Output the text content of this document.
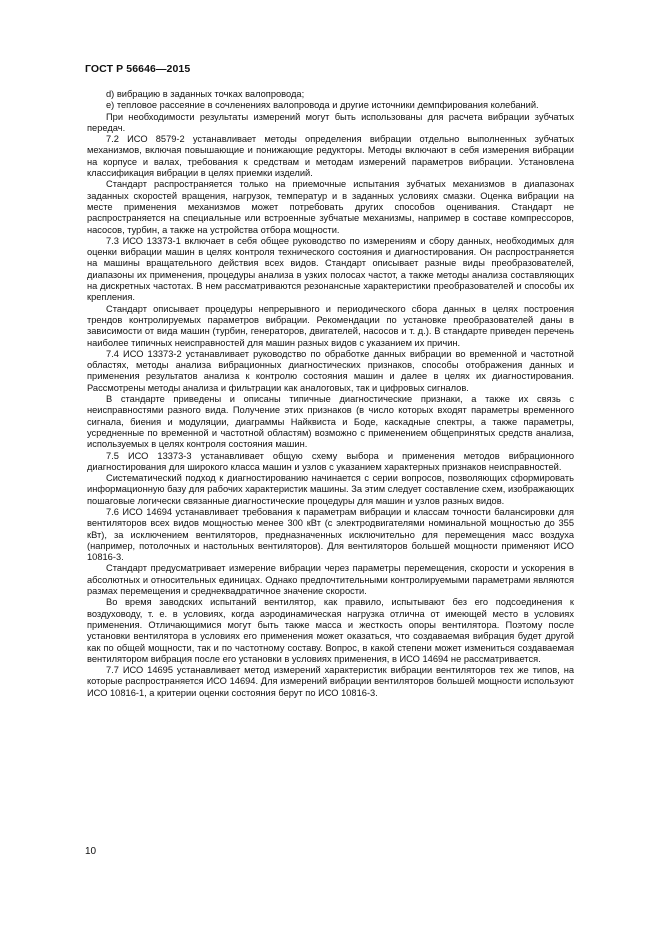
ГОСТ Р 56646—2015

d) вибрацию в заданных точках валопровода;

e) тепловое рассеяние в сочленениях валопровода и другие источники демпфирования колебаний.

При необходимости результаты измерений могут быть использованы для расчета вибрации зубчатых передач.

7.2 ИСО 8579-2 устанавливает методы определения вибрации отдельно выполненных зубчатых механизмов, включая повышающие и понижающие редукторы. Методы включают в себя измерения вибрации на корпусе и валах, требования к средствам и методам измерений параметров вибрации. Установлена классификация вибрации в целях приемки изделий.

Стандарт распространяется только на приемочные испытания зубчатых механизмов в диапазонах заданных скоростей вращения, нагрузок, температур и в заданных условиях смазки. Оценка вибрации на месте применения механизмов может потребовать других способов оценивания. Стандарт не распространяется на специальные или встроенные зубчатые механизмы, например в составе компрессоров, насосов, турбин, а также на устройства отбора мощности.

7.3 ИСО 13373-1 включает в себя общее руководство по измерениям и сбору данных, необходимых для оценки вибрации машин в целях контроля технического состояния и диагностирования. Он распространяется на машины вращательного действия всех видов. Стандарт описывает разные виды преобразователей, диапазоны их применения, процедуры анализа в узких полосах частот, а также методы анализа составляющих на дискретных частотах. В нем рассматриваются резонансные характеристики преобразователей и способы их крепления.

Стандарт описывает процедуры непрерывного и периодического сбора данных в целях построения трендов контролируемых параметров вибрации. Рекомендации по установке преобразователей даны в зависимости от вида машин (турбин, генераторов, двигателей, насосов и т. д.). В стандарте приведен перечень наиболее типичных неисправностей для машин разных видов с указанием их причин.

7.4 ИСО 13373-2 устанавливает руководство по обработке данных вибрации во временной и частотной областях, методы анализа вибрационных диагностических признаков, способы отображения данных и применения результатов анализа к контролю состояния машин и далее в целях их диагностирования. Рассмотрены методы анализа и фильтрации как аналоговых, так и цифровых сигналов.

В стандарте приведены и описаны типичные диагностические признаки, а также их связь с неисправностями разного вида. Получение этих признаков (в число которых входят параметры временного сигнала, биения и модуляции, диаграммы Найквиста и Боде, каскадные спектры, а также параметры, усредненные по временной и частотной областям) возможно с применением общепринятых средств анализа, используемых в целях контроля состояния машин.

7.5 ИСО 13373-3 устанавливает общую схему выбора и применения методов вибрационного диагностирования для широкого класса машин и узлов с указанием характерных признаков неисправностей.

Систематический подход к диагностированию начинается с серии вопросов, позволяющих сформировать информационную базу для рабочих характеристик машины. За этим следует составление схем, изображающих пошаговые логически связанные диагностические процедуры для машин и узлов разных видов.

7.6 ИСО 14694 устанавливает требования к параметрам вибрации и классам точности балансировки для вентиляторов всех видов мощностью менее 300 кВт (с электродвигателями номинальной мощностью до 355 кВт), за исключением вентиляторов, предназначенных исключительно для перемещения масс воздуха (например, потолочных и настольных вентиляторов). Для вентиляторов большей мощности применяют ИСО 10816-3.

Стандарт предусматривает измерение вибрации через параметры перемещения, скорости и ускорения в абсолютных и относительных единицах. Однако предпочтительными контролируемыми параметрами являются размах перемещения и среднеквадратичное значение скорости.

Во время заводских испытаний вентилятор, как правило, испытывают без его подсоединения к воздуховоду, т. е. в условиях, когда аэродинамическая нагрузка отлична от имеющей место в условиях применения. Отличающимися могут быть также масса и жесткость опоры вентилятора. Поэтому после установки вентилятора в условиях его применения может оказаться, что создаваемая вибрация будет другой как по общей мощности, так и по частотному составу. Вопрос, в какой степени может измениться создаваемая вентилятором вибрация после его установки в условиях применения, в ИСО 14694 не рассматривается.

7.7 ИСО 14695 устанавливает метод измерений характеристик вибрации вентиляторов тех же типов, на которые распространяется ИСО 14694. Для измерений вибрации вентиляторов большей мощности используют ИСО 10816-1, а критерии оценки состояния берут по ИСО 10816-3.

10
